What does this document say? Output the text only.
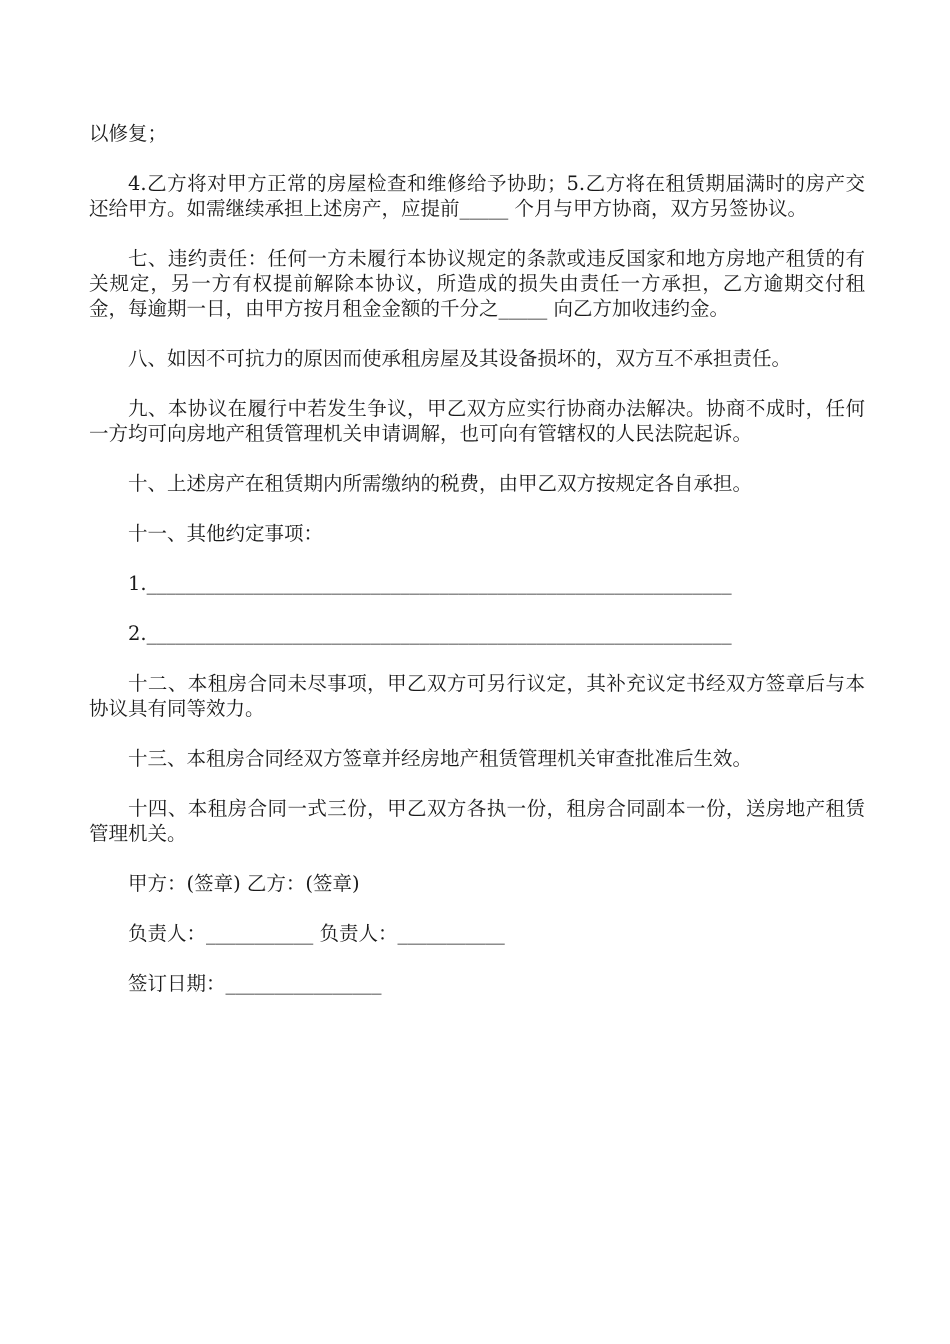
以修复；

4.乙方将对甲方正常的房屋检查和维修给予协助；5.乙方将在租赁期届满时的房产交还给甲方。如需继续承担上述房产，应提前_____ 个月与甲方协商，双方另签协议。

七、违约责任：任何一方未履行本协议规定的条款或违反国家和地方房地产租赁的有关规定，另一方有权提前解除本协议，所造成的损失由责任一方承担，乙方逾期交付租金，每逾期一日，由甲方按月租金金额的千分之_____ 向乙方加收违约金。

八、如因不可抗力的原因而使承租房屋及其设备损坏的，双方互不承担责任。

九、本协议在履行中若发生争议，甲乙双方应实行协商办法解决。协商不成时，任何一方均可向房地产租赁管理机关申请调解，也可向有管辖权的人民法院起诉。

十、上述房产在租赁期内所需缴纳的税费，由甲乙双方按规定各自承担。

十一、其他约定事项：

1.____________________________________________________________
2.____________________________________________________________

十二、本租房合同未尽事项，甲乙双方可另行议定，其补充议定书经双方签章后与本协议具有同等效力。

十三、本租房合同经双方签章并经房地产租赁管理机关审查批准后生效。

十四、本租房合同一式三份，甲乙双方各执一份，租房合同副本一份，送房地产租赁管理机关。

甲方：(签章) 乙方：(签章)
负责人：___________ 负责人：___________
签订日期：________________
